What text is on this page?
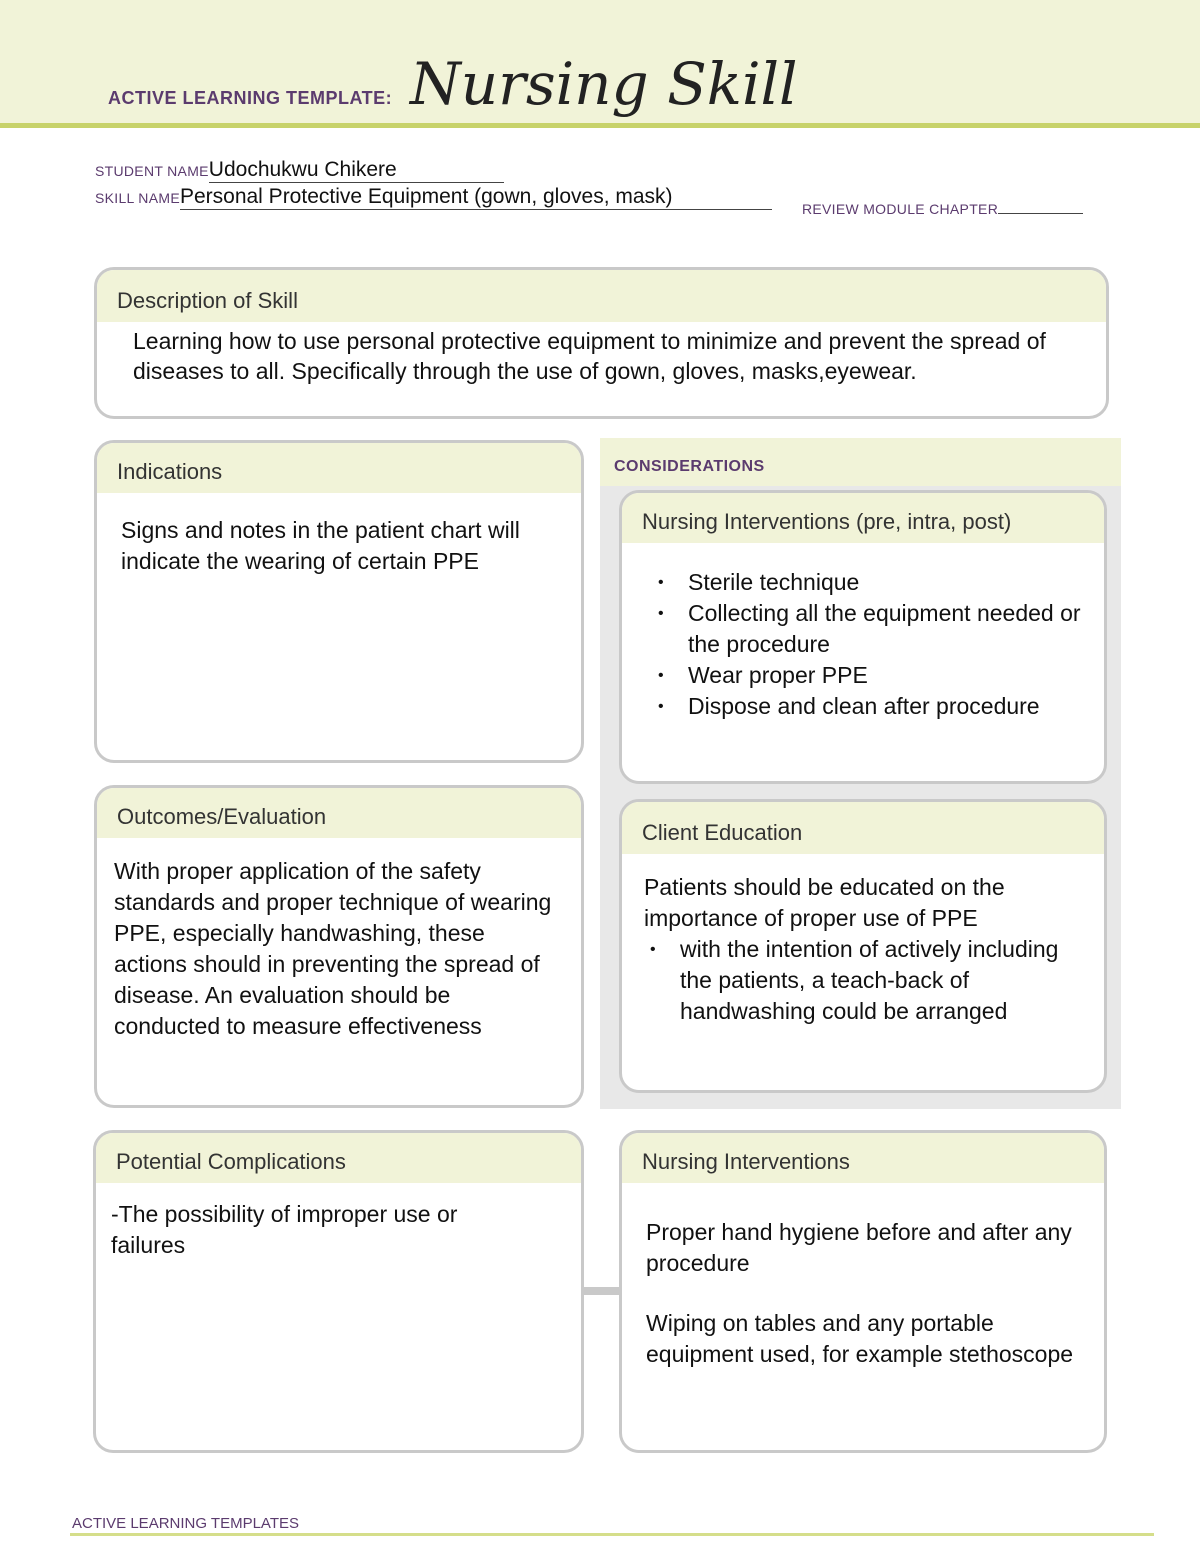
ACTIVE LEARNING TEMPLATE: Nursing Skill
STUDENT NAMEUdochukwu Chikere
SKILL NAMEPersonal Protective Equipment (gown, gloves, mask)
REVIEW MODULE CHAPTER
Description of Skill
Learning how to use personal protective equipment to minimize and prevent the spread of diseases to all. Specifically through the use of gown, gloves, masks,eyewear.
Indications
Signs and notes in the patient chart will indicate the wearing of certain PPE
CONSIDERATIONS
Nursing Interventions (pre, intra, post)
• Sterile technique
• Collecting all the equipment needed or the procedure
• Wear proper PPE
• Dispose and clean after procedure
Outcomes/Evaluation
With proper application of the safety standards and proper technique of wearing PPE, especially handwashing, these actions should in preventing the spread of disease. An evaluation should be conducted to measure effectiveness
Client Education

Patients should be educated on the importance of proper use of PPE

• with the intention of actively including the patients, a teach-back of handwashing could be arranged
Potential Complications
-The possibility of improper use or failures
Nursing Interventions

Proper hand hygiene before and after any procedure

Wiping on tables and any portable equipment used, for example stethoscope

ACTIVE LEARNING TEMPLATES
